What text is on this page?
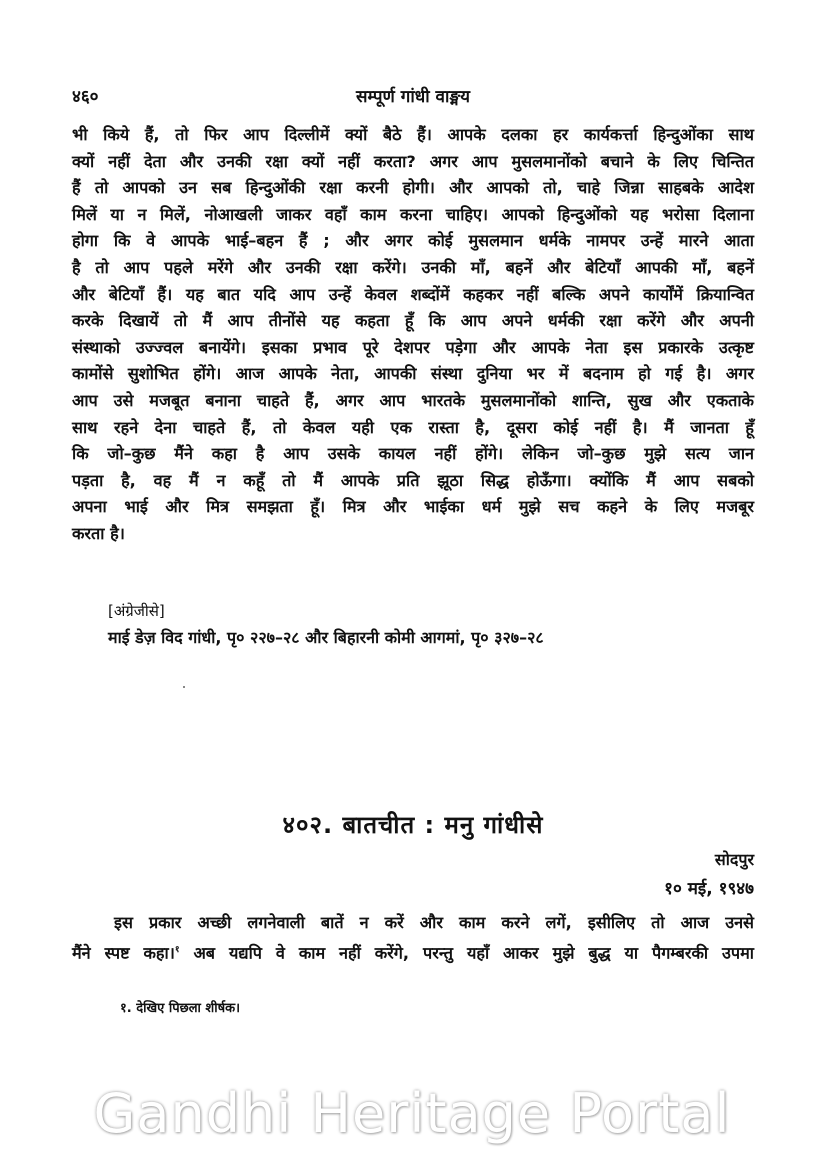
४६०	सम्पूर्ण गांधी वाङ्मय
भी किये हैं, तो फिर आप दिल्लीमें क्यों बैठे हैं। आपके दलका हर कार्यकर्त्ता हिन्दुओंका साथ
क्यों नहीं देता और उनकी रक्षा क्यों नहीं करता? अगर आप मुसलमानोंको बचाने के लिए चिन्तित
हैं तो आपको उन सब हिन्दुओंकी रक्षा करनी होगी। और आपको तो, चाहे जिन्ना साहबके आदेश
मिलें या न मिलें, नोआखली जाकर वहाँ काम करना चाहिए। आपको हिन्दुओंको यह भरोसा दिलाना
होगा कि वे आपके भाई–बहन हैं ; और अगर कोई मुसलमान धर्मके नामपर उन्हें मारने आता
है तो आप पहले मरेंगे और उनकी रक्षा करेंगे। उनकी माँ, बहनें और बेटियाँ आपकी माँ, बहनें
और बेटियाँ हैं। यह बात यदि आप उन्हें केवल शब्दोंमें कहकर नहीं बल्कि अपने कार्योंमें क्रियान्वित
करके दिखायें तो मैं आप तीनोंसे यह कहता हूँ कि आप अपने धर्मकी रक्षा करेंगे और अपनी
संस्थाको उज्ज्वल बनायेंगे। इसका प्रभाव पूरे देशपर पड़ेगा और आपके नेता इस प्रकारके उत्कृष्ट
कामोंसे सुशोभित होंगे। आज आपके नेता, आपकी संस्था दुनिया भर में बदनाम हो गई है। अगर
आप उसे मजबूत बनाना चाहते हैं, अगर आप भारतके मुसलमानोंको शान्ति, सुख और एकताके
साथ रहने देना चाहते हैं, तो केवल यही एक रास्ता है, दूसरा कोई नहीं है। मैं जानता हूँ
कि जो–कुछ मैंने कहा है आप उसके कायल नहीं होंगे। लेकिन जो–कुछ मुझे सत्य जान
पड़ता है, वह मैं न कहूँ तो मैं आपके प्रति झूठा सिद्ध होऊँगा। क्योंकि मैं आप सबको
अपना भाई और मित्र समझता हूँ। मित्र और भाईका धर्म मुझे सच कहने के लिए मजबूर
करता है।
[अंग्रेजीसे]
माई डेज़ विद गांधी, पृ० २२७–२८ और बिहारनी कोमी आगमां, पृ० ३२७–२८
४०२. बातचीत : मनु गांधीसे
सोदपुर
१० मई, १९४७
इस प्रकार अच्छी लगनेवाली बातें न करें और काम करने लगें, इसीलिए तो आज उनसे
मैंने स्पष्ट कहा।$^१$ अब यद्यपि वे काम नहीं करेंगे, परन्तु यहाँ आकर मुझे बुद्ध या पैगम्बरकी उपमा
१. देखिए पिछला शीर्षक।
Gandhi Heritage Portal
